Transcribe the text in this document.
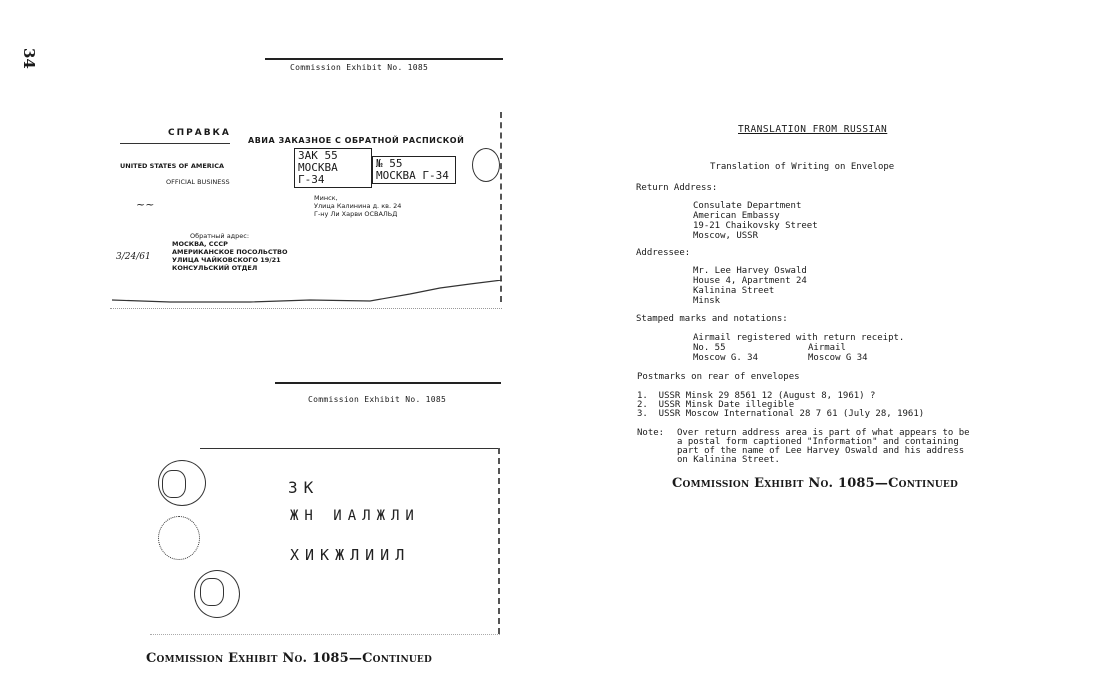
34	Commission Exhibit No. 1085
СПРАВКА
АВИА ЗАКАЗНОЕ С ОБРАТНОЙ РАСПИСКОЙ
UNITED STATES OF AMERICA
OFFICIAL BUSINESS
~~
ЗАК 55
МОСКВА Г-34
№ 55
МОСКВА Г-34
Минск,
Улица Калинина д. кв. 24
Г-ну Ли Харви ОСВАЛЬД
Обратный адрес:
МОСКВА, СССР
АМЕРИКАНСКОЕ ПОСОЛЬСТВО
УЛИЦА ЧАЙКОВСКОГО 19/21
КОНСУЛЬСКИЙ ОТДЕЛ
3/24/61
Commission Exhibit No. 1085
ЗК
ЖН ИАЛЖЛИ
ХИКЖЛИИЛ
Commission Exhibit No. 1085—Continued
TRANSLATION FROM RUSSIAN
Translation of Writing on Envelope
Return Address:
Consulate Department
American Embassy
19-21 Chaikovsky Street
Moscow, USSR
Addressee:
Mr. Lee Harvey Oswald
House 4, Apartment 24
Kalinina Street
Minsk
Stamped marks and notations:
Airmail registered with return receipt.
No. 55
Moscow G. 34
Airmail
Moscow G 34
Postmarks on rear of envelopes
1.  USSR Minsk 29 8561 12 (August 8, 1961) ?
2.  USSR Minsk Date illegible
3.  USSR Moscow International 28 7 61 (July 28, 1961)
Note: Over return address area is part of what appears to be
a postal form captioned "Information" and containing
part of the name of Lee Harvey Oswald and his address
on Kalinina Street.
Commission Exhibit No. 1085—Continued
